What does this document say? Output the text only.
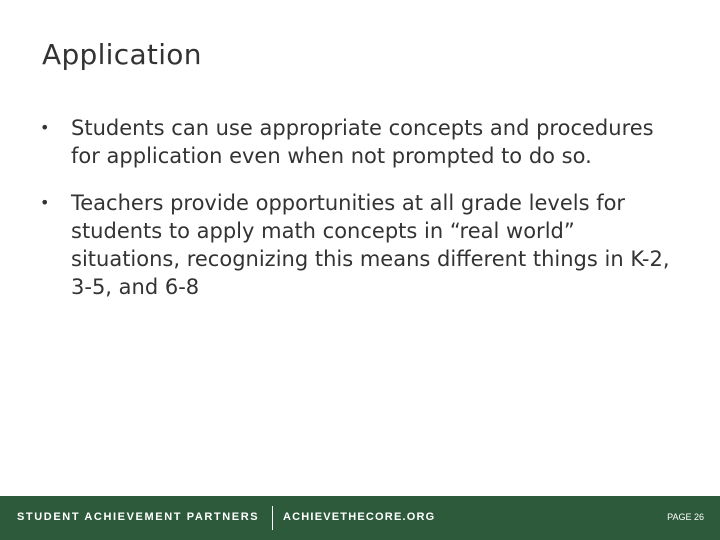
Application
•	Students can use appropriate concepts and procedures for application even when not prompted to do so.
•	Teachers provide opportunities at all grade levels for students to apply math concepts in “real world” situations, recognizing this means different things in K-2, 3-5, and 6-8
STUDENT ACHIEVEMENT PARTNERS ACHIEVETHECORE.ORG	PAGE 26
